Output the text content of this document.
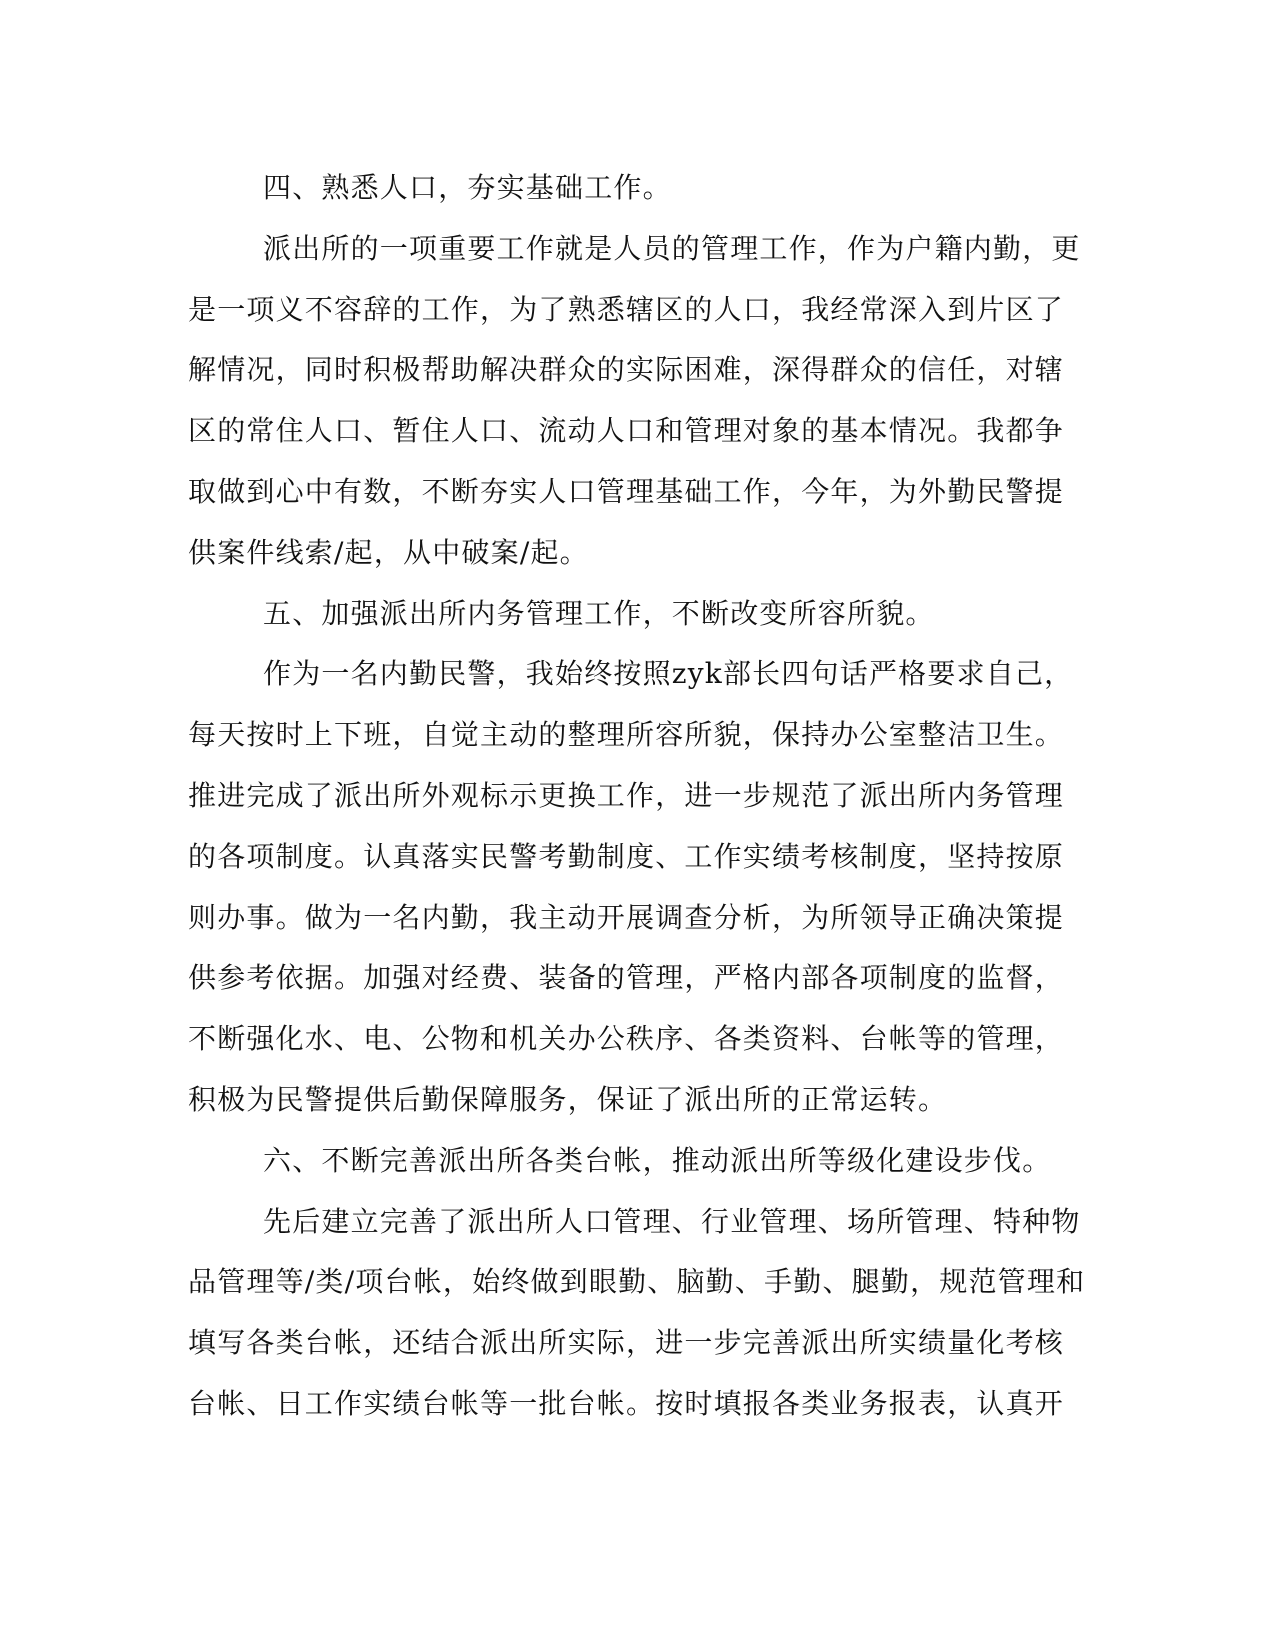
四、熟悉人口，夯实基础工作。
派出所的一项重要工作就是人员的管理工作，作为户籍内勤，更
是一项义不容辞的工作，为了熟悉辖区的人口，我经常深入到片区了
解情况，同时积极帮助解决群众的实际困难，深得群众的信任，对辖
区的常住人口、暂住人口、流动人口和管理对象的基本情况。我都争
取做到心中有数，不断夯实人口管理基础工作，今年，为外勤民警提
供案件线索/起，从中破案/起。
五、加强派出所内务管理工作，不断改变所容所貌。
作为一名内勤民警，我始终按照zyk部长四句话严格要求自己，
每天按时上下班，自觉主动的整理所容所貌，保持办公室整洁卫生。
推进完成了派出所外观标示更换工作，进一步规范了派出所内务管理
的各项制度。认真落实民警考勤制度、工作实绩考核制度，坚持按原
则办事。做为一名内勤，我主动开展调查分析，为所领导正确决策提
供参考依据。加强对经费、装备的管理，严格内部各项制度的监督，
不断强化水、电、公物和机关办公秩序、各类资料、台帐等的管理，
积极为民警提供后勤保障服务，保证了派出所的正常运转。
六、不断完善派出所各类台帐，推动派出所等级化建设步伐。
先后建立完善了派出所人口管理、行业管理、场所管理、特种物
品管理等/类/项台帐，始终做到眼勤、脑勤、手勤、腿勤，规范管理和
填写各类台帐，还结合派出所实际，进一步完善派出所实绩量化考核
台帐、日工作实绩台帐等一批台帐。按时填报各类业务报表，认真开
